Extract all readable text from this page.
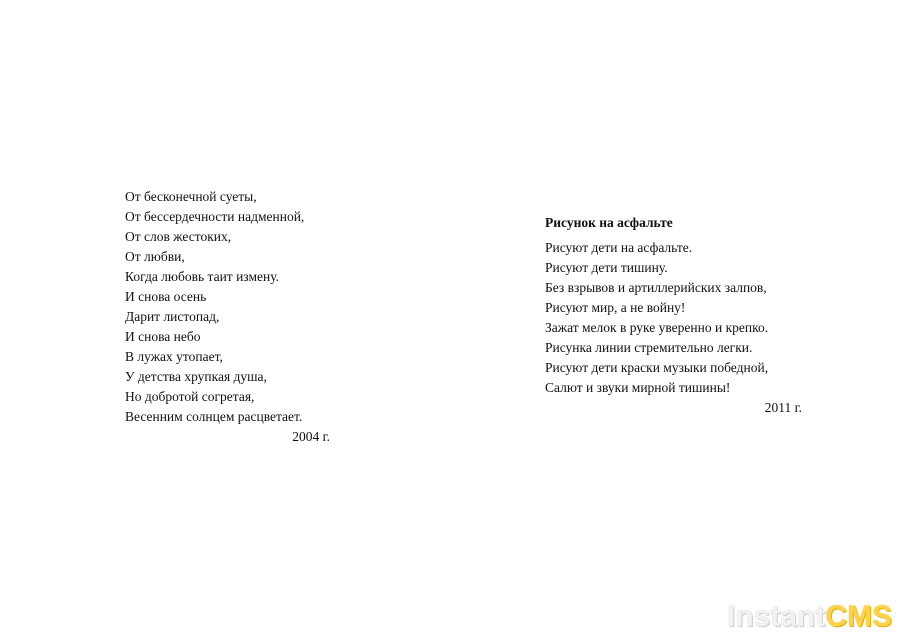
От бесконечной суеты,
От бессердечности надменной,
От слов жестоких,
От любви,
Когда любовь таит измену.
И снова осень
Дарит листопад,
И снова небо
В лужах утопает,
У детства хрупкая душа,
Но добротой согретая,
Весенним солнцем расцветает.
2004 г.
Рисунок на асфальте
Рисуют дети на асфальте.
Рисуют дети тишину.
Без взрывов и артиллерийских залпов,
Рисуют мир, а не войну!
Зажат мелок в руке уверенно и крепко.
Рисунка линии стремительно легки.
Рисуют дети краски музыки победной,
Салют и звуки мирной тишины!
2011 г.
InstantCMS
